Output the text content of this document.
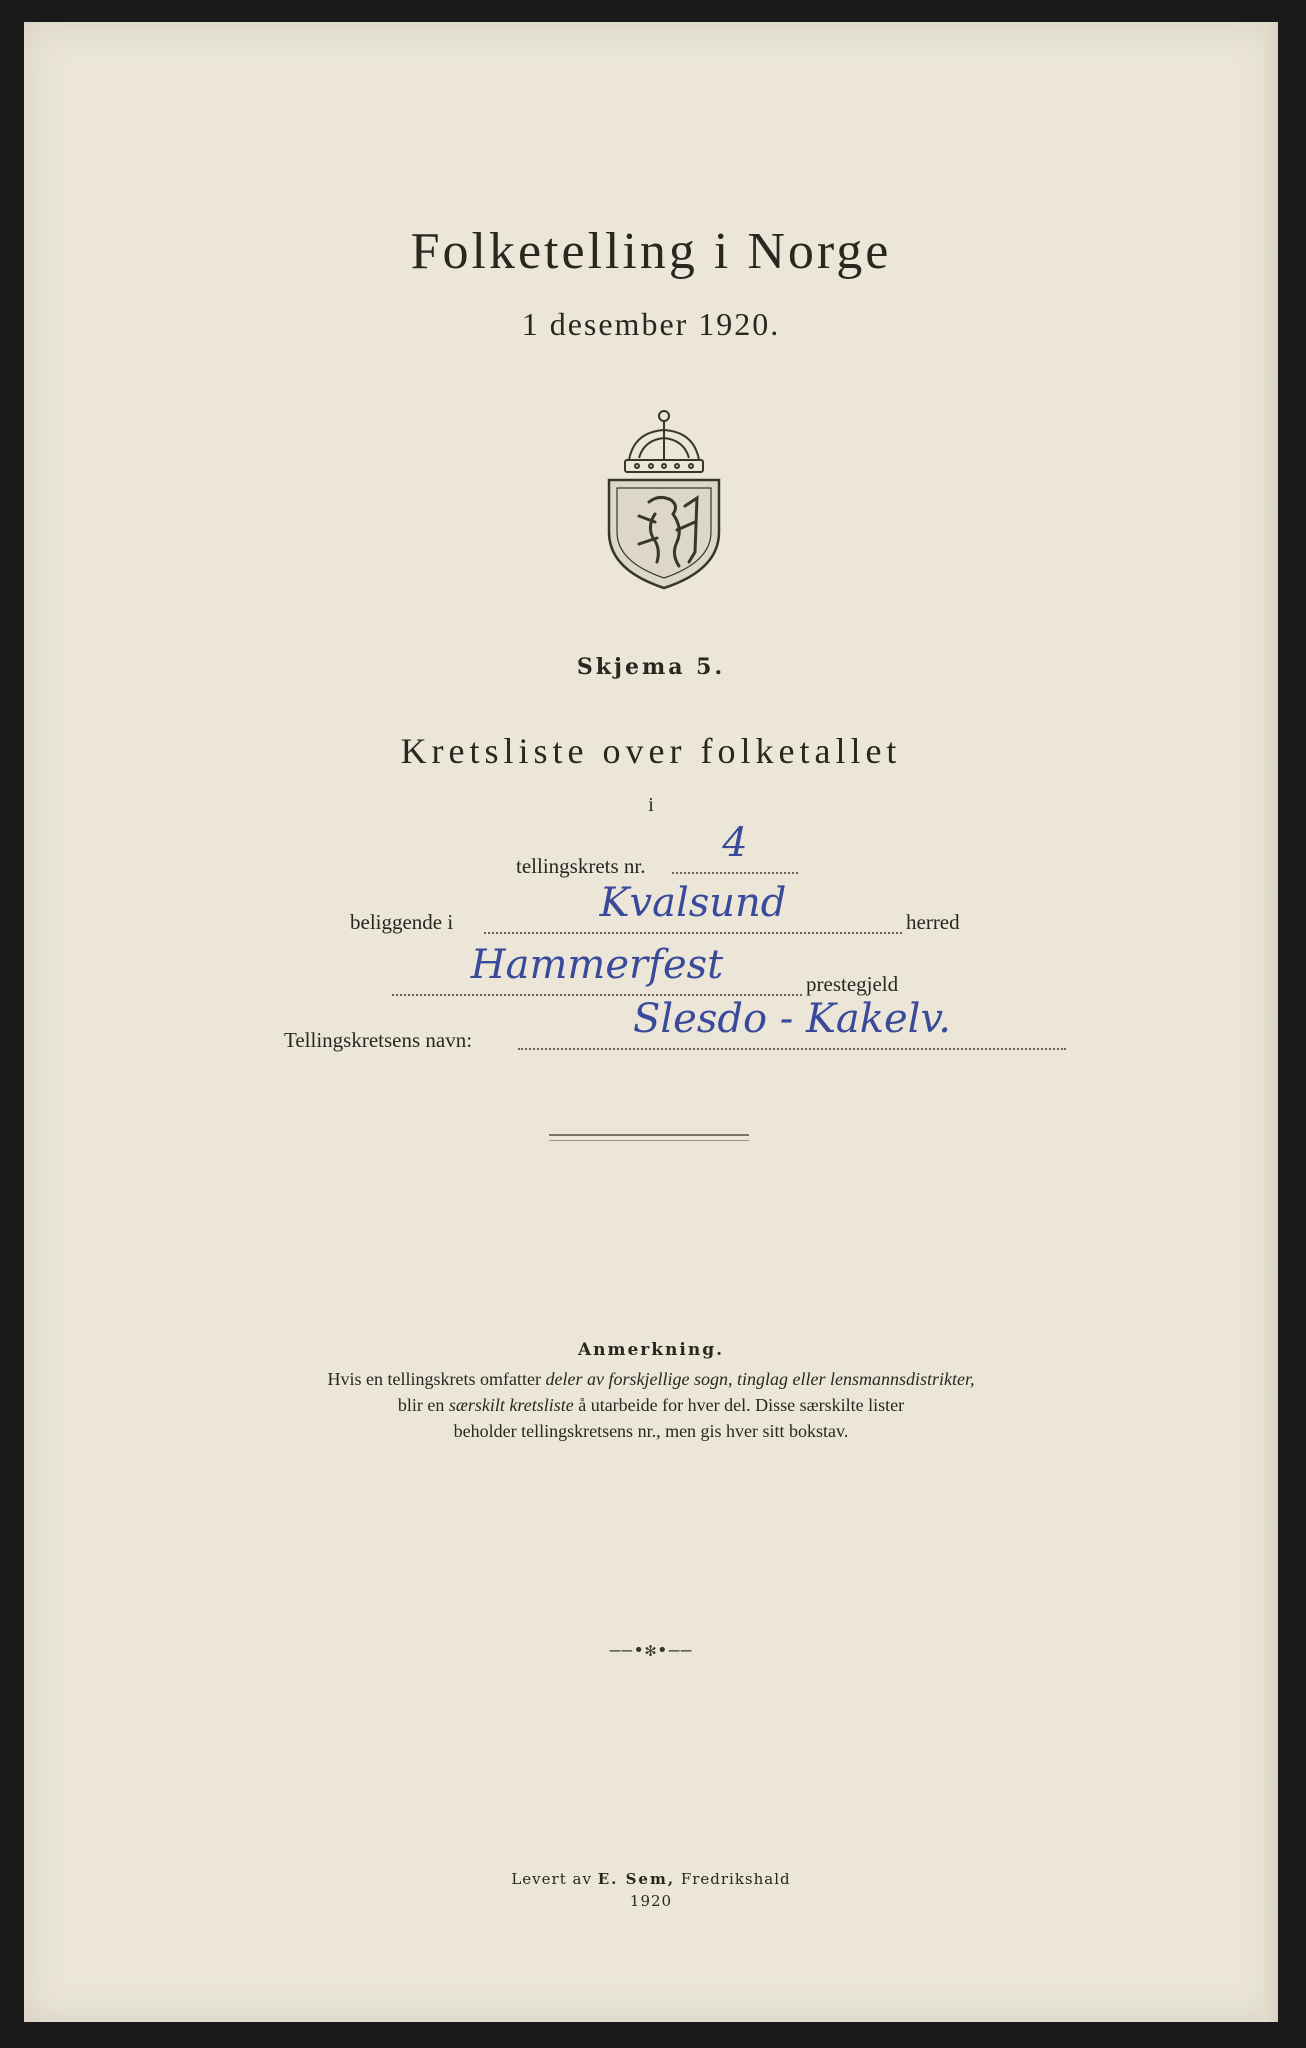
Folketelling i Norge
1 desember 1920.
Skjema 5.
Kretsliste over folketallet
i
tellingskrets nr.	4
beliggende i	Kvalsund	herred
Hammerfest	prestegjeld
Tellingskretsens navn:	Slesdo - Kakelv.
Anmerkning.
Hvis en tellingskrets omfatter deler av forskjellige sogn, tinglag eller lensmannsdistrikter,
blir en særskilt kretsliste å utarbeide for hver del. Disse særskilte lister
beholder tellingskretsens nr., men gis hver sitt bokstav.
——•✻•——
Levert av E. Sem, Fredrikshald
1920
